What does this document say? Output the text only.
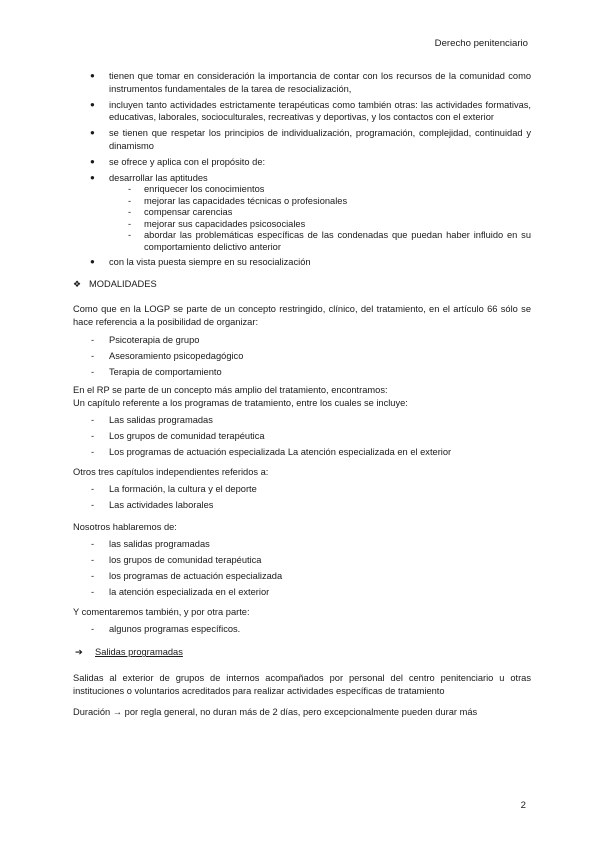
Derecho penitenciario
● tienen que tomar en consideración la importancia de contar con los recursos de la comunidad como instrumentos fundamentales de la tarea de resocialización,
● incluyen tanto actividades estrictamente terapéuticas como también otras: las actividades formativas, educativas, laborales, socioculturales, recreativas y deportivas, y los contactos con el exterior
● se tienen que respetar los principios de individualización, programación, complejidad, continuidad y dinamismo
● se ofrece y aplica con el propósito de:
● desarrollar las aptitudes
- enriquecer los conocimientos
- mejorar las capacidades técnicas o profesionales
- compensar carencias
- mejorar sus capacidades psicosociales
- abordar las problemáticas específicas de las condenadas que puedan haber influido en su comportamiento delictivo anterior
● con la vista puesta siempre en su resocialización
❖ MODALIDADES
Como que en la LOGP se parte de un concepto restringido, clínico, del tratamiento, en el artículo 66 sólo se hace referencia a la posibilidad de organizar:
- Psicoterapia de grupo
- Asesoramiento psicopedagógico
- Terapia de comportamiento
En el RP se parte de un concepto más amplio del tratamiento, encontramos:
Un capítulo referente a los programas de tratamiento, entre los cuales se incluye:
- Las salidas programadas
- Los grupos de comunidad terapéutica
- Los programas de actuación especializada La atención especializada en el exterior
Otros tres capítulos independientes referidos a:
- La formación, la cultura y el deporte
- Las actividades laborales
Nosotros hablaremos de:
- las salidas programadas
- los grupos de comunidad terapéutica
- los programas de actuación especializada
- la atención especializada en el exterior
Y comentaremos también, y por otra parte:
- algunos programas específicos.
➔ Salidas programadas
Salidas al exterior de grupos de internos acompañados por personal del centro penitenciario u otras instituciones o voluntarios acreditados para realizar actividades específicas de tratamiento
Duración → por regla general, no duran más de 2 días, pero excepcionalmente pueden durar más
2
